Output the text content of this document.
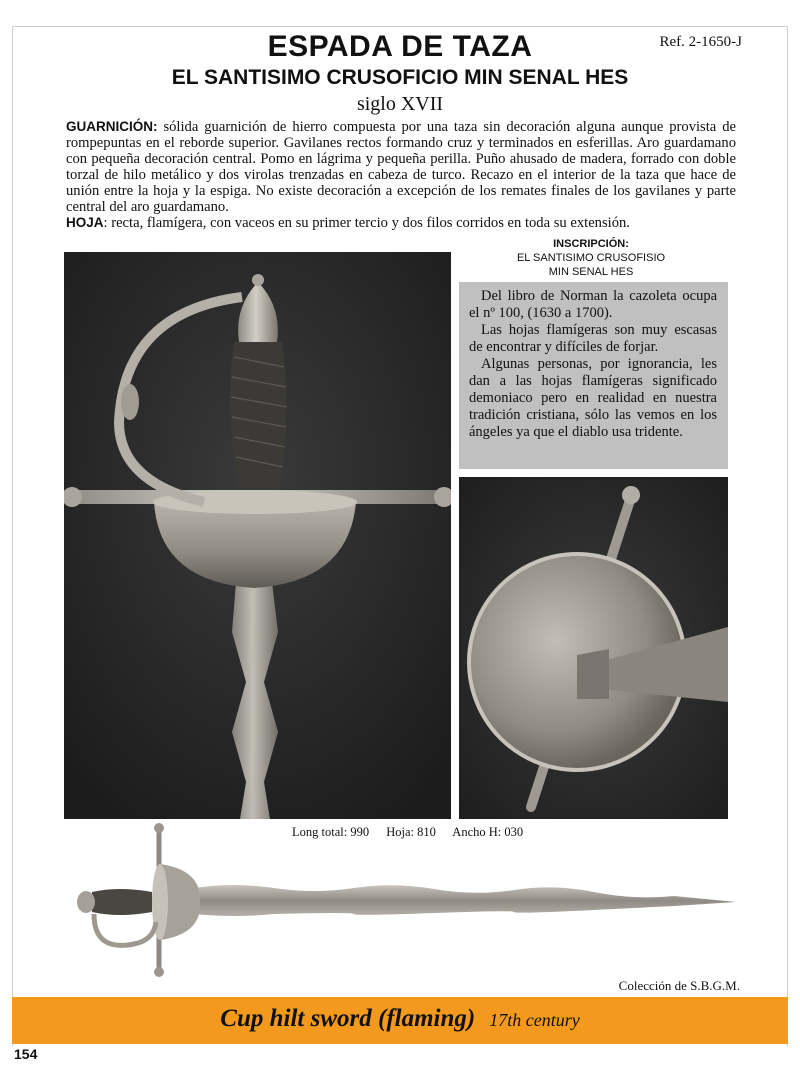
ESPADA DE TAZA	Ref. 2-1650-J
EL SANTISIMO CRUSOFICIO MIN SENAL HES
siglo XVII
GUARNICIÓN: sólida guarnición de hierro compuesta por una taza sin decoración alguna aunque provista de rompepuntas en el reborde superior. Gavilanes rectos formando cruz y terminados en esferillas. Aro guardamano con pequeña decoración central. Pomo en lágrima y pequeña perilla. Puño ahusado de madera, forrado con doble torzal de hilo metálico y dos virolas trenzadas en cabeza de turco. Recazo en el interior de la taza que hace de unión entre la hoja y la espiga. No existe decoración a excepción de los remates finales de los gavilanes y parte central del aro guardamano.
HOJA: recta, flamígera, con vaceos en su primer tercio y dos filos corridos en toda su extensión.
INSCRIPCIÓN:
EL SANTISIMO CRUSOFISIO
MIN SENAL HES

Del libro de Norman la cazoleta ocupa el nº 100, (1630 a 1700).

Las hojas flamígeras son muy escasas de encontrar y difíciles de forjar.

Algunas personas, por ignorancia, les dan a las hojas flamígeras significado demoniaco pero en realidad en nuestra tradición cristiana, sólo las vemos en los ángeles ya que el diablo usa tridente.

Long total: 990 Hoja: 810 Ancho H: 030
Colección de S.B.G.M.
Cup hilt sword (flaming) 17th century
154
